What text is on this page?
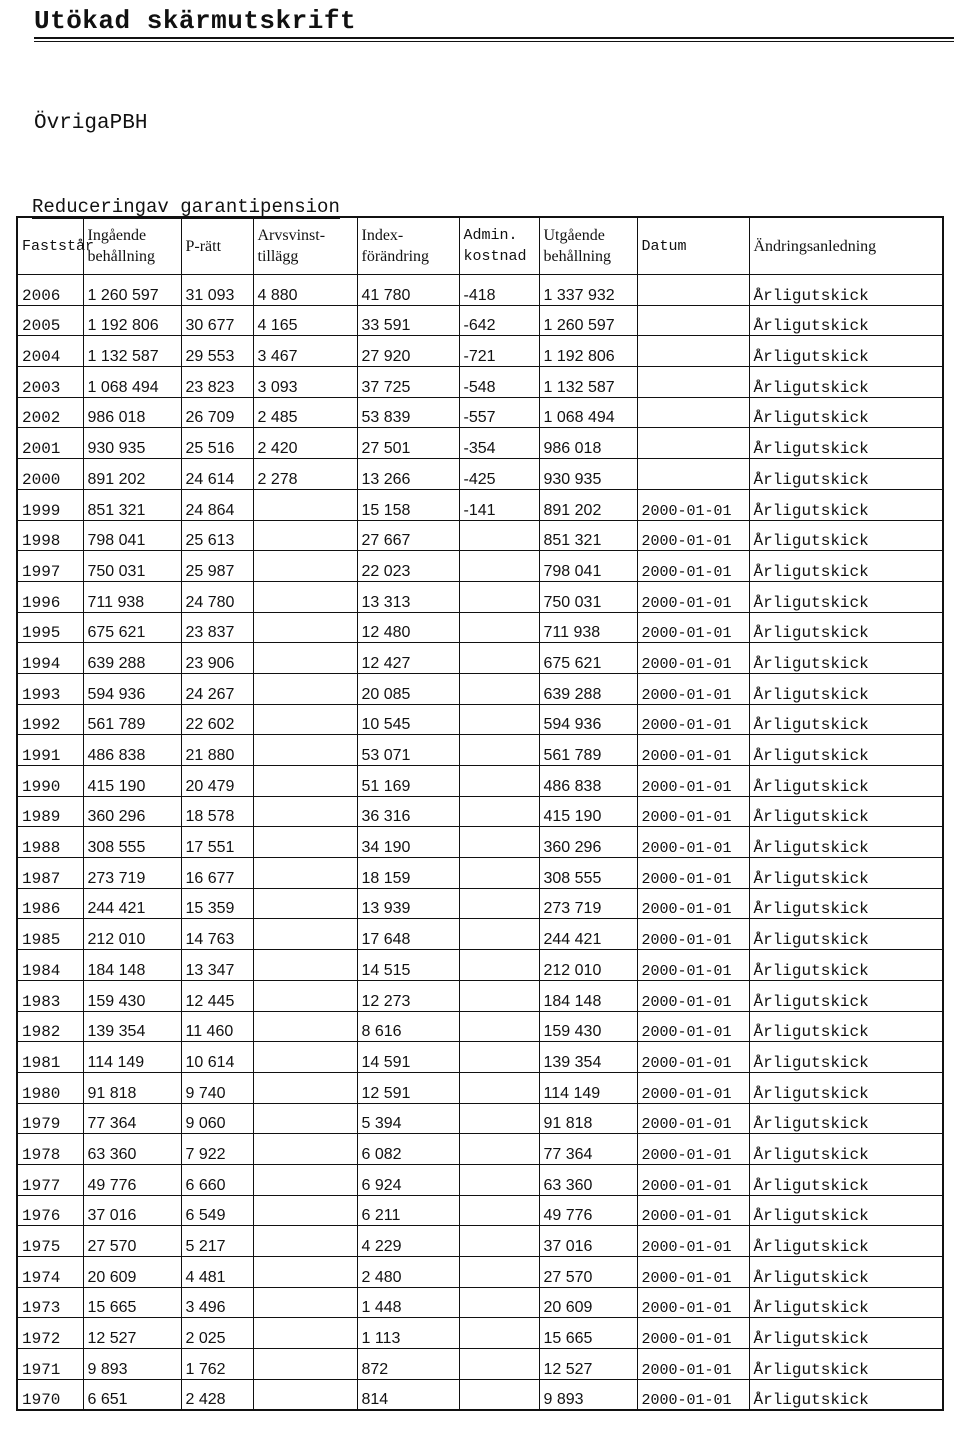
Utökad skärmutskrift
ÖvrigaPBH
Reduceringav garantipension
Faststår	Ingående behållning	P-rätt	Arvsvinst-tillägg	Index-förändring	Admin. kostnad	Utgående behållning	Datum	Ändringsanledning
2006	1 260 597	31 093	4 880	41 780	-418	1 337 932		Årligutskick
2005	1 192 806	30 677	4 165	33 591	-642	1 260 597		Årligutskick
2004	1 132 587	29 553	3 467	27 920	-721	1 192 806		Årligutskick
2003	1 068 494	23 823	3 093	37 725	-548	1 132 587		Årligutskick
2002	986 018	26 709	2 485	53 839	-557	1 068 494		Årligutskick
2001	930 935	25 516	2 420	27 501	-354	986 018		Årligutskick
2000	891 202	24 614	2 278	13 266	-425	930 935		Årligutskick
1999	851 321	24 864		15 158	-141	891 202	2000-01-01	Årligutskick
1998	798 041	25 613		27 667		851 321	2000-01-01	Årligutskick
1997	750 031	25 987		22 023		798 041	2000-01-01	Årligutskick
1996	711 938	24 780		13 313		750 031	2000-01-01	Årligutskick
1995	675 621	23 837		12 480		711 938	2000-01-01	Årligutskick
1994	639 288	23 906		12 427		675 621	2000-01-01	Årligutskick
1993	594 936	24 267		20 085		639 288	2000-01-01	Årligutskick
1992	561 789	22 602		10 545		594 936	2000-01-01	Årligutskick
1991	486 838	21 880		53 071		561 789	2000-01-01	Årligutskick
1990	415 190	20 479		51 169		486 838	2000-01-01	Årligutskick
1989	360 296	18 578		36 316		415 190	2000-01-01	Årligutskick
1988	308 555	17 551		34 190		360 296	2000-01-01	Årligutskick
1987	273 719	16 677		18 159		308 555	2000-01-01	Årligutskick
1986	244 421	15 359		13 939		273 719	2000-01-01	Årligutskick
1985	212 010	14 763		17 648		244 421	2000-01-01	Årligutskick
1984	184 148	13 347		14 515		212 010	2000-01-01	Årligutskick
1983	159 430	12 445		12 273		184 148	2000-01-01	Årligutskick
1982	139 354	11 460		8 616		159 430	2000-01-01	Årligutskick
1981	114 149	10 614		14 591		139 354	2000-01-01	Årligutskick
1980	91 818	9 740		12 591		114 149	2000-01-01	Årligutskick
1979	77 364	9 060		5 394		91 818	2000-01-01	Årligutskick
1978	63 360	7 922		6 082		77 364	2000-01-01	Årligutskick
1977	49 776	6 660		6 924		63 360	2000-01-01	Årligutskick
1976	37 016	6 549		6 211		49 776	2000-01-01	Årligutskick
1975	27 570	5 217		4 229		37 016	2000-01-01	Årligutskick
1974	20 609	4 481		2 480		27 570	2000-01-01	Årligutskick
1973	15 665	3 496		1 448		20 609	2000-01-01	Årligutskick
1972	12 527	2 025		1 113		15 665	2000-01-01	Årligutskick
1971	9 893	1 762		872		12 527	2000-01-01	Årligutskick
1970	6 651	2 428		814		9 893	2000-01-01	Årligutskick
